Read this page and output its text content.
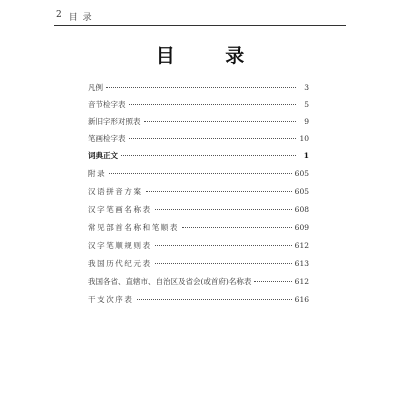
2 目 录
目 录
凡例	3
音节检字表	5
新旧字形对照表	9
笔画检字表	10
词典正文	1
附录	605
汉语拼音方案	605
汉字笔画名称表	608
常见部首名称和笔顺表	609
汉字笔顺规则表	612
我国历代纪元表	613
我国各省、直辖市、自治区及省会(或首府)名称表	612
干支次序表	616
